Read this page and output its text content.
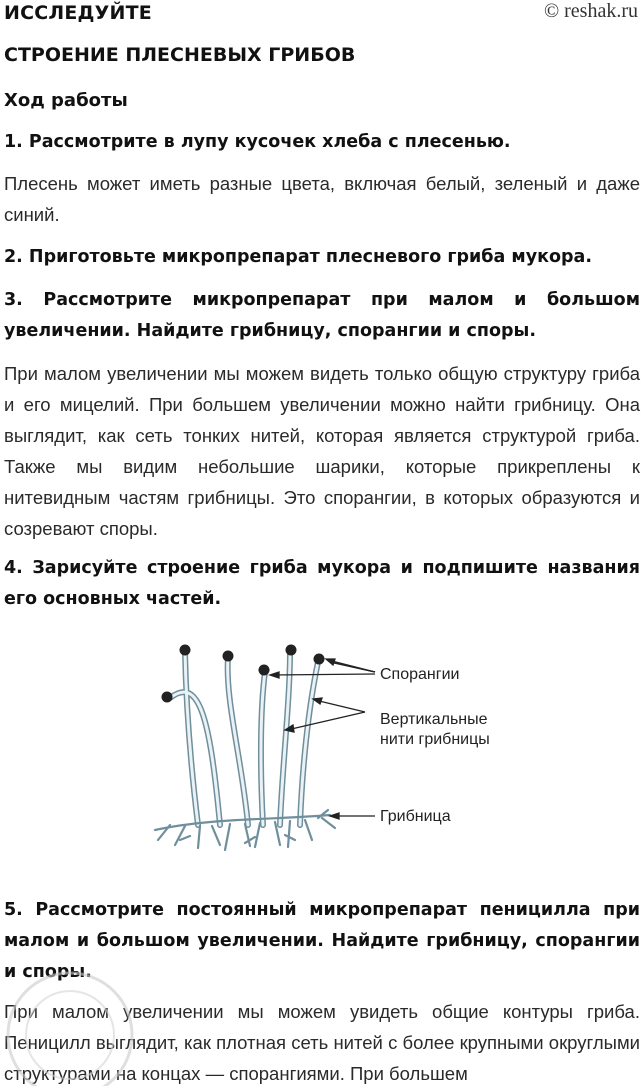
ИССЛЕДУЙТЕ	© reshak.ru
СТРОЕНИЕ ПЛЕСНЕВЫХ ГРИБОВ
Ход работы

1. Рассмотрите в лупу кусочек хлеба с плесенью.

Плесень может иметь разные цвета, включая белый, зеленый и даже синий.

2. Приготовьте микропрепарат плесневого гриба мукора.

3. Рассмотрите микропрепарат при малом и большом увеличении. Найдите грибницу, спорангии и споры.

При малом увеличении мы можем видеть только общую структуру гриба и его мицелий. При большем увеличении можно найти грибницу. Она выглядит, как сеть тонких нитей, которая является структурой гриба. Также мы видим небольшие шарики, которые прикреплены к нитевидным частям грибницы. Это спорангии, в которых образуются и созревают споры.

4. Зарисуйте строение гриба мукора и подпишите названия его основных частей.

Спорангии
Вертикальные
нити грибницы
Грибница

5. Рассмотрите постоянный микропрепарат пеницилла при малом и большом увеличении. Найдите грибницу, спорангии и споры.

При малом увеличении мы можем увидеть общие контуры гриба. Пеницилл выглядит, как плотная сеть нитей с более крупными округлыми структурами на концах — спорангиями. При большем
